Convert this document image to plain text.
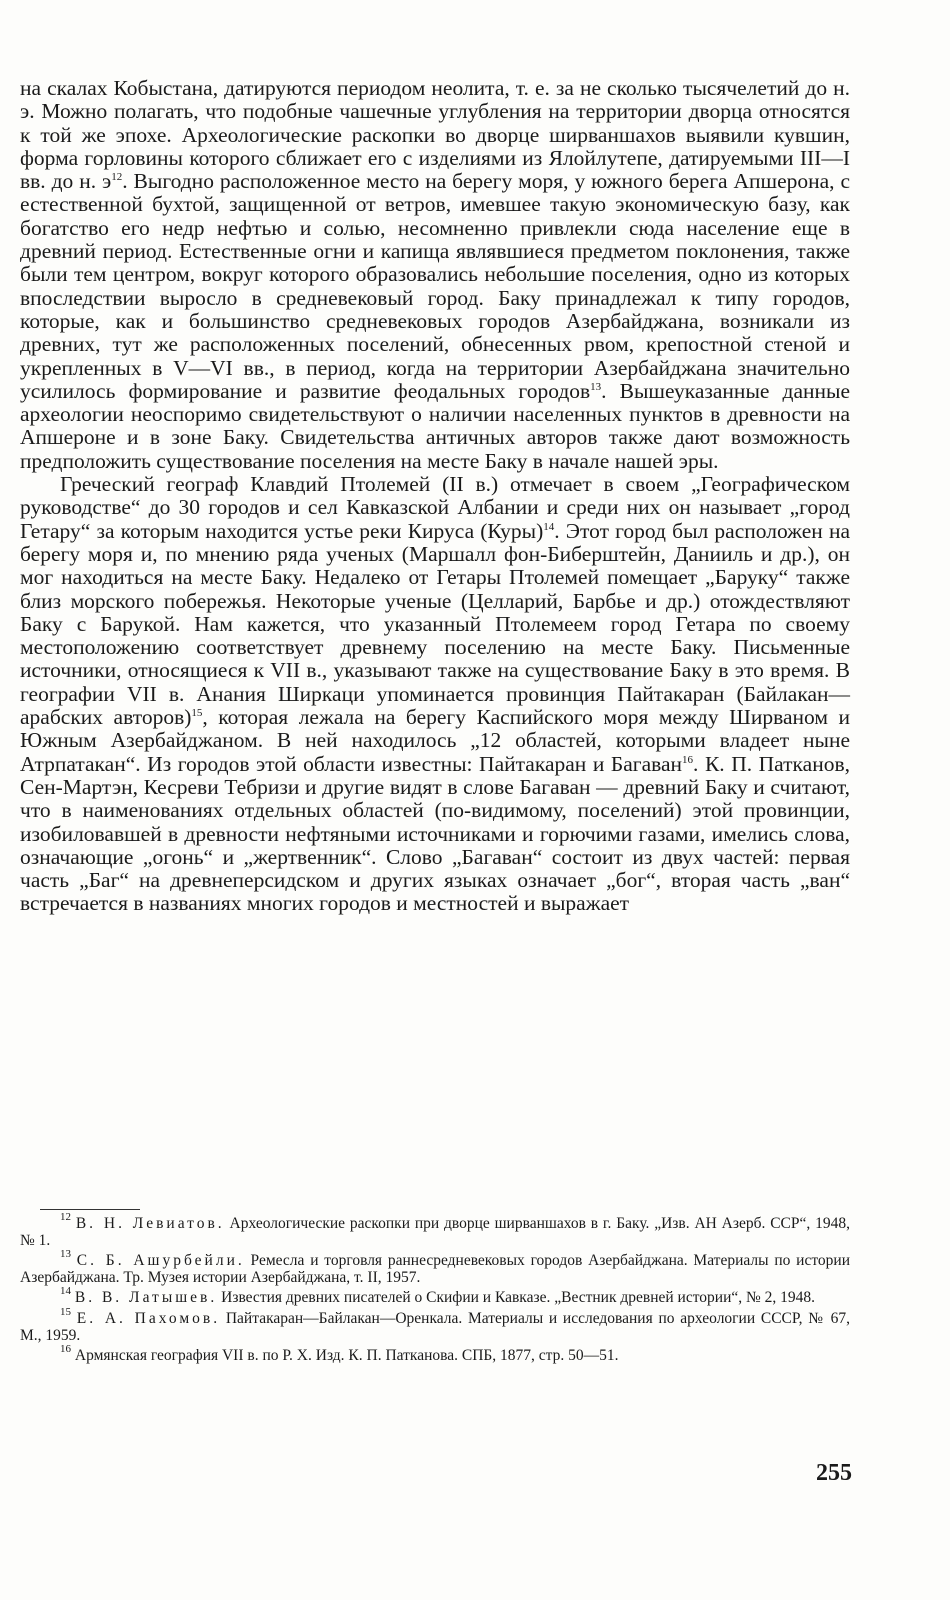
на скалах Кобыстана, датируются периодом неолита, т. е. за не сколько тысячелетий до н. э. Можно полагать, что подобные чашечные углубления на территории дворца относятся к той же эпохе. Археологические раскопки во дворце ширваншахов выявили кувшин, форма горловины которого сближает его с изделиями из Ялойлутепе, датируемыми III—I вв. до н. $э^{12}$. Выгодно расположенное место на берегу моря, у южного берега Апшерона, с естественной бухтой, защищенной от ветров, имевшее такую экономическую базу, как богатство его недр нефтью и солью, несомненно привлекли сюда население еще в древний период. Естественные огни и капища являвшиеся предметом поклонения, также были тем центром, вокруг которого образовались небольшие поселения, одно из которых впоследствии выросло в средневековый город. Баку принадлежал к типу городов, которые, как и большинство средневековых городов Азербайджана, возникали из древних, тут же расположенных поселений, обнесенных рвом, крепостной стеной и укрепленных в V—VI вв., в период, когда на территории Азербайджана значительно усилилось формирование и развитие феодальных городов$^{13}$. Вышеуказанные данные археологии неоспоримо свидетельствуют о наличии населенных пунктов в древности на Апшероне и в зоне Баку. Свидетельства античных авторов также дают возможность предположить существование поселения на месте Баку в начале нашей эры.

Греческий географ Клавдий Птолемей (II в.) отмечает в своем „Географическом руководстве“ до 30 городов и сел Кавказской Албании и среди них он называет „город Гетару“ за которым находится устье реки Кируса (Куры)$^{14}$. Этот город был расположен на берегу моря и, по мнению ряда ученых (Маршалл фон-Биберштейн, Данииль и др.), он мог находиться на месте Баку. Недалеко от Гетары Птолемей помещает „Баруку“ также близ морского побережья. Некоторые ученые (Целларий, Барбье и др.) отождествляют Баку с Барукой. Нам кажется, что указанный Птолемеем город Гетара по своему местоположению соответствует древнему поселению на месте Баку. Письменные источники, относящиеся к VII в., указывают также на существование Баку в это время. В географии VII в. Анания Ширкаци упоминается провинция Пайтакаран (Байлакан—арабских авторов)$^{15}$, которая лежала на берегу Каспийского моря между Ширваном и Южным Азербайджаном. В ней находилось „12 областей, которыми владеет ныне Атрпатакан“. Из городов этой области известны: Пайтакаран и Багаван$^{16}$. К. П. Патканов, Сен-Мартэн, Кесреви Тебризи и другие видят в слове Багаван — древний Баку и считают, что в наименованиях отдельных областей (по-видимому, поселений) этой провинции, изобиловавшей в древности нефтяными источниками и горючими газами, имелись слова, означающие „огонь“ и „жертвенник“. Слово „Багаван“ состоит из двух частей: первая часть „Баг“ на древнеперсидском и других языках означает „бог“, вторая часть „ван“ встречается в названиях многих городов и местностей и выражает

$^{12}$ В. Н. Левиатов. Археологические раскопки при дворце ширваншахов в г. Баку. „Изв. АН Азерб. ССР“, 1948, № 1.

$^{13}$ С. Б. Ашурбейли. Ремесла и торговля раннесредневековых городов Азербайджана. Материалы по истории Азербайджана. Тр. Музея истории Азербайджана, т. II, 1957.

$^{14}$ В. В. Латышев. Известия древних писателей о Скифии и Кавказе. „Вестник древней истории“, № 2, 1948.

$^{15}$ Е. А. Пахомов. Пайтакаран—Байлакан—Оренкала. Материалы и исследования по археологии СССР, № 67, М., 1959.

$^{16}$ Армянская география VII в. по Р. Х. Изд. К. П. Патканова. СПБ, 1877, стр. 50—51.

255
